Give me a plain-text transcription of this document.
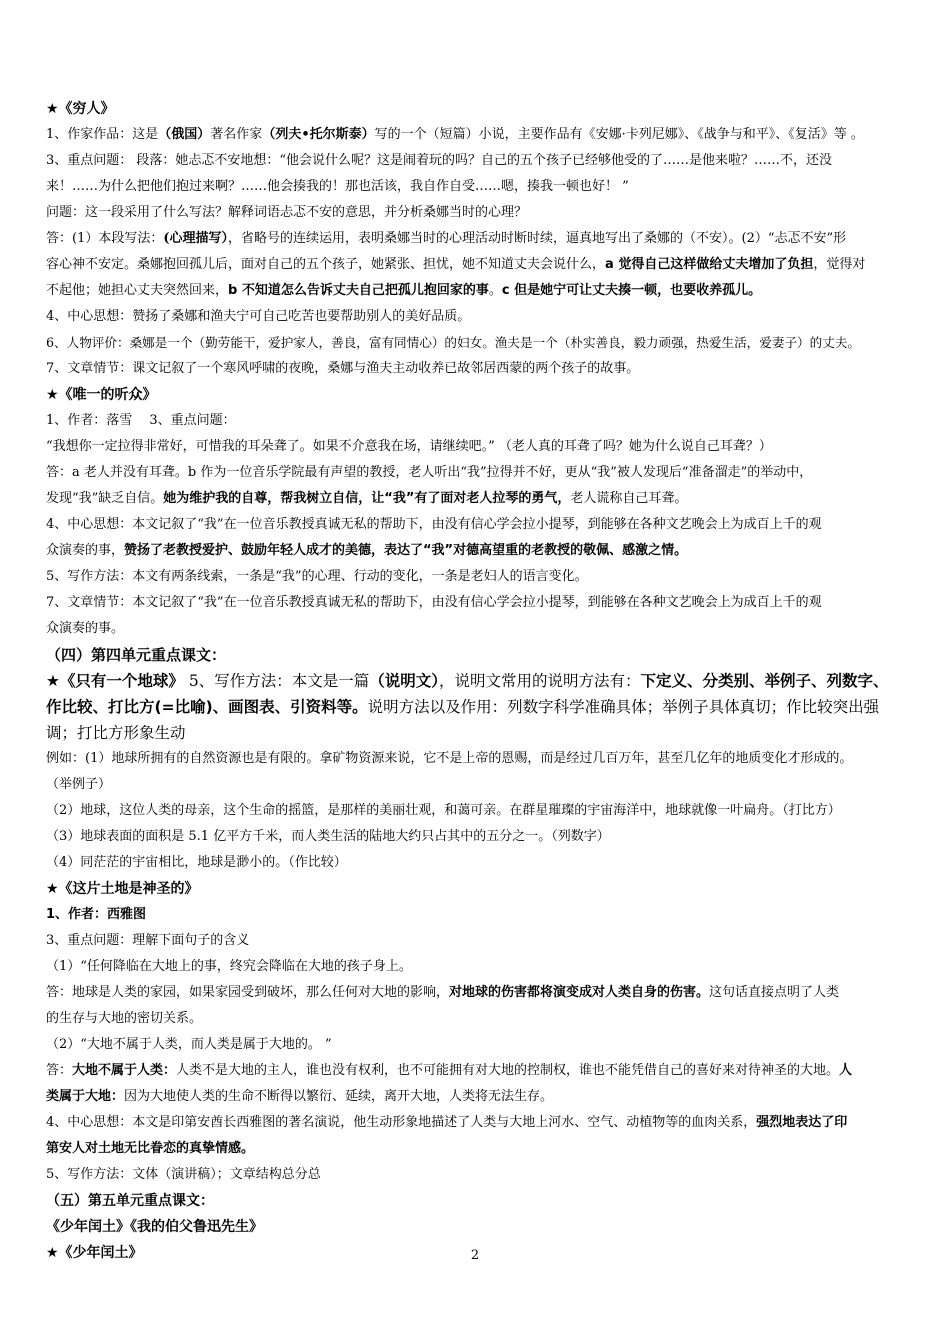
★《穷人》
1、作家作品：这是（俄国）著名作家（列夫•托尔斯泰）写的一个（短篇）小说，主要作品有《安娜·卡列尼娜》、《战争与和平》、《复活》等 。
3、重点问题： 段落：她忐忑不安地想：“他会说什么呢？这是闹着玩的吗？自己的五个孩子已经够他受的了……是他来啦？……不，还没
来！……为什么把他们抱过来啊？……他会揍我的！那也活该，我自作自受……嗯，揍我一顿也好！ ”
问题：这一段采用了什么写法？解释词语忐忑不安的意思，并分析桑娜当时的心理？
答：(1）本段写法：(心理描写），省略号的连续运用，表明桑娜当时的心理活动时断时续，逼真地写出了桑娜的（不安）。(2）“忐忑不安”形
容心神不安定。桑娜抱回孤儿后，面对自己的五个孩子，她紧张、担忧，她不知道丈夫会说什么，a 觉得自己这样做给丈夫增加了负担，觉得对
不起他；她担心丈夫突然回来，b 不知道怎么告诉丈夫自己把孤儿抱回家的事。c 但是她宁可让丈夫揍一顿，也要收养孤儿。
4、中心思想：赞扬了桑娜和渔夫宁可自己吃苦也要帮助别人的美好品质。
6、人物评价：桑娜是一个（勤劳能干，爱护家人，善良，富有同情心）的妇女。渔夫是一个（朴实善良，毅力顽强，热爱生活，爱妻子）的丈夫。
7、文章情节：课文记叙了一个寒风呼啸的夜晚，桑娜与渔夫主动收养已故邻居西蒙的两个孩子的故事。
★《唯一的听众》
1、作者：落雪　 3、重点问题：
“我想你一定拉得非常好，可惜我的耳朵聋了。如果不介意我在场，请继续吧。” （老人真的耳聋了吗？她为什么说自己耳聋？）
答：a 老人并没有耳聋。b 作为一位音乐学院最有声望的教授，老人听出“我”拉得并不好，更从“我”被人发现后“准备溜走”的举动中，
发现“我”缺乏自信。她为维护我的自尊，帮我树立自信，让“我”有了面对老人拉琴的勇气，老人谎称自己耳聋。
4、中心思想：本文记叙了“我”在一位音乐教授真诚无私的帮助下，由没有信心学会拉小提琴，到能够在各种文艺晚会上为成百上千的观
众演奏的事，赞扬了老教授爱护、鼓励年轻人成才的美德，表达了“我”对德高望重的老教授的敬佩、感激之情。
5、写作方法：本文有两条线索，一条是“我”的心理、行动的变化，一条是老妇人的语言变化。
7、文章情节：本文记叙了“我”在一位音乐教授真诚无私的帮助下，由没有信心学会拉小提琴，到能够在各种文艺晚会上为成百上千的观
众演奏的事。
（四）第四单元重点课文：
★《只有一个地球》 5、写作方法：本文是一篇（说明文），说明文常用的说明方法有：下定义、分类别、举例子、列数字、
作比较、打比方(=比喻)、画图表、引资料等。说明方法以及作用：列数字科学准确具体；举例子具体真切；作比较突出强
调；打比方形象生动
例如：(1）地球所拥有的自然资源也是有限的。拿矿物资源来说，它不是上帝的恩赐，而是经过几百万年，甚至几亿年的地质变化才形成的。
（举例子）
（2）地球，这位人类的母亲，这个生命的摇篮，是那样的美丽壮观，和蔼可亲。在群星璀璨的宇宙海洋中，地球就像一叶扁舟。（打比方）
（3）地球表面的面积是 5.1 亿平方千米，而人类生活的陆地大约只占其中的五分之一。（列数字）
（4）同茫茫的宇宙相比，地球是渺小的。（作比较）
★《这片土地是神圣的》
1、作者：西雅图
3、重点问题：理解下面句子的含义
（1）“任何降临在大地上的事，终究会降临在大地的孩子身上。
答：地球是人类的家园，如果家园受到破坏，那么任何对大地的影响，对地球的伤害都将演变成对人类自身的伤害。这句话直接点明了人类
的生存与大地的密切关系。
（2）“大地不属于人类，而人类是属于大地的。 ”
答：大地不属于人类：人类不是大地的主人，谁也没有权利，也不可能拥有对大地的控制权，谁也不能凭借自己的喜好来对待神圣的大地。人
类属于大地：因为大地使人类的生命不断得以繁衍、延续，离开大地，人类将无法生存。
4、中心思想：本文是印第安酋长西雅图的著名演说，他生动形象地描述了人类与大地上河水、空气、动植物等的血肉关系，强烈地表达了印
第安人对土地无比眷恋的真挚情感。
5、写作方法：文体（演讲稿）；文章结构总分总
（五）第五单元重点课文：
《少年闰土》《我的伯父鲁迅先生》
★《少年闰土》	2
